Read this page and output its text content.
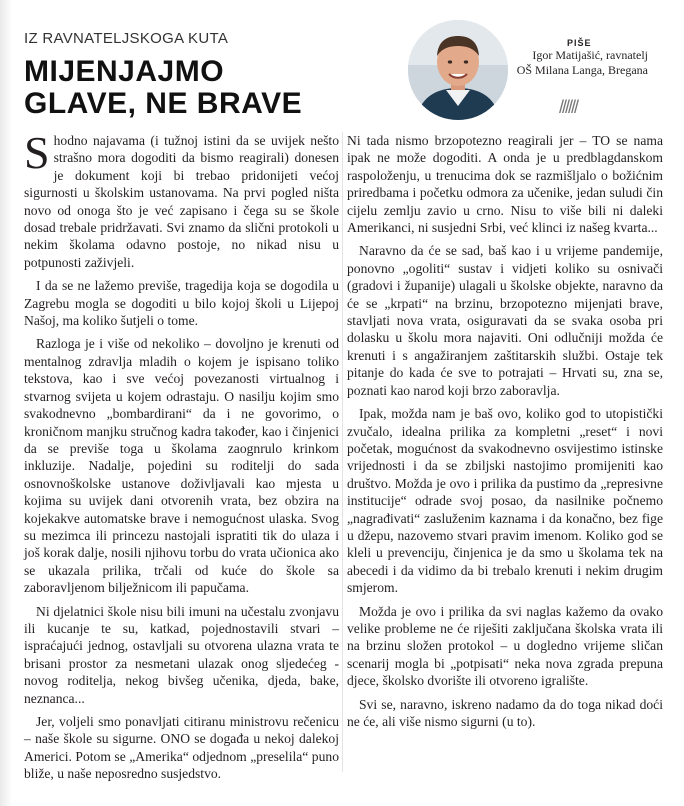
IZ RAVNATELJSKOGA KUTA
MIJENJAJMO
GLAVE, NE BRAVE
PIŠE
Igor Matijašić, ravnatelj
OŠ Milana Langa, Bregana
//////

Shodno najavama (i tužnoj istini da se uvijek nešto strašno mora dogoditi da bismo reagirali) donesen je dokument koji bi trebao pridonijeti većoj sigurnosti u školskim ustanovama. Na prvi pogled ništa novo od onoga što je već zapisano i čega su se škole dosad trebale pridržavati. Svi znamo da slični protokoli u nekim školama odavno postoje, no nikad nisu u potpunosti zaživjeli.

I da se ne lažemo previše, tragedija koja se dogodila u Zagrebu mogla se dogoditi u bilo kojoj školi u Lijepoj Našoj, ma koliko šutjeli o tome.

Razloga je i više od nekoliko – dovoljno je krenuti od mentalnog zdravlja mladih o kojem je ispisano toliko tekstova, kao i sve većoj povezanosti virtualnog i stvarnog svijeta u kojem odrastaju. O nasilju kojim smo svakodnevno „bombardirani“ da i ne govorimo, o kroničnom manjku stručnog kadra također, kao i činjenici da se previše toga u školama zaognrulo krinkom inkluzije. Nadalje, pojedini su roditelji do sada osnovnoškolske ustanove doživljavali kao mjesta u kojima su uvijek dani otvorenih vrata, bez obzira na kojekakve automatske brave i nemogućnost ulaska. Svog su mezimca ili princezu nastojali ispratiti tik do ulaza i još korak dalje, nosili njihovu torbu do vrata učionica ako se ukazala prilika, trčali od kuće do škole sa zaboravljenom bilježnicom ili papučama.

Ni djelatnici škole nisu bili imuni na učestalu zvonjavu ili kucanje te su, katkad, pojednostavili stvari – ispraćajući jednog, ostavljali su otvorena ulazna vrata te brisani prostor za nesmetani ulazak onog sljedećeg - novog roditelja, nekog bivšeg učenika, djeda, bake, neznanca...

Jer, voljeli smo ponavljati citiranu ministrovu rečenicu – naše škole su sigurne. ONO se događa u nekoj dalekoj Americi. Potom se „Amerika“ odjednom „preselila“ puno bliže, u naše neposredno susjedstvo.

Ni tada nismo brzopotezno reagirali jer – TO se nama ipak ne može dogoditi. A onda je u predblagdanskom raspoloženju, u trenucima dok se razmišljalo o božićnim priredbama i početku odmora za učenike, jedan suludi čin cijelu zemlju zavio u crno. Nisu to više bili ni daleki Amerikanci, ni susjedni Srbi, već klinci iz našeg kvarta...

Naravno da će se sad, baš kao i u vrijeme pandemije, ponovno „ogoliti“ sustav i vidjeti koliko su osnivači (gradovi i županije) ulagali u školske objekte, naravno da će se „krpati“ na brzinu, brzopotezno mijenjati brave, stavljati nova vrata, osiguravati da se svaka osoba pri dolasku u školu mora najaviti. Oni odlučniji možda će krenuti i s angažiranjem zaštitarskih službi. Ostaje tek pitanje do kada će sve to potrajati – Hrvati su, zna se, poznati kao narod koji brzo zaboravlja.

Ipak, možda nam je baš ovo, koliko god to utopistički zvučalo, idealna prilika za kompletni „reset“ i novi početak, mogućnost da svakodnevno osvijestimo istinske vrijednosti i da se zbiljski nastojimo promijeniti kao društvo. Možda je ovo i prilika da pustimo da „represivne institucije“ odrade svoj posao, da nasilnike počnemo „nagrađivati“ zasluženim kaznama i da konačno, bez fige u džepu, nazovemo stvari pravim imenom. Koliko god se kleli u prevenciju, činjenica je da smo u školama tek na abecedi i da vidimo da bi trebalo krenuti i nekim drugim smjerom.

Možda je ovo i prilika da svi naglas kažemo da ovako velike probleme ne će riješiti zaključana školska vrata ili na brzinu složen protokol – u dogledno vrijeme sličan scenarij mogla bi „potpisati“ neka nova zgrada prepuna djece, školsko dvorište ili otvoreno igralište.

Svi se, naravno, iskreno nadamo da do toga nikad doći ne će, ali više nismo sigurni (u to).
